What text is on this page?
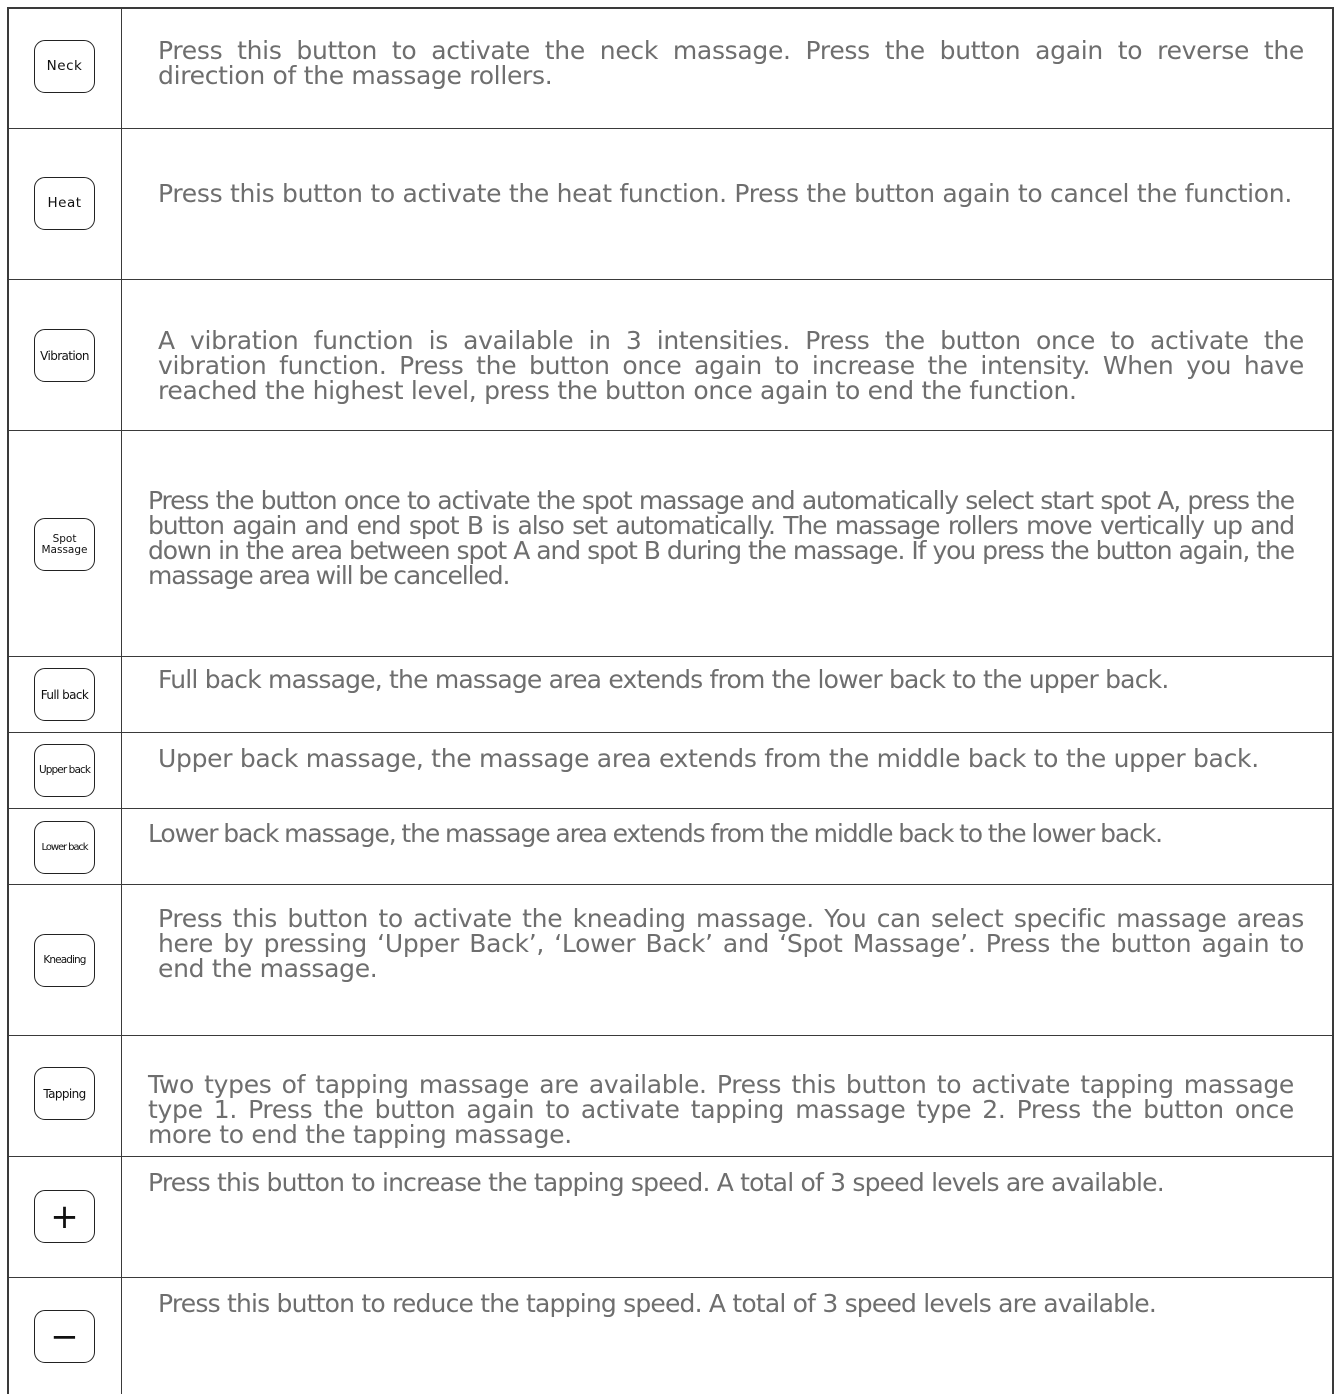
Neck

Press this button to activate the neck massage. Press the button again to reverse the direction of the massage rollers.

Heat	Press this button to activate the heat function. Press the button again to cancel the function.

Vibration

A vibration function is available in 3 intensities. Press the button once to activate the vibration function. Press the button once again to increase the intensity. When you have reached the highest level, press the button once again to end the function.

Spot
Massage

Press the button once to activate the spot massage and automatically select start spot A, press the button again and end spot B is also set automatically. The massage rollers move vertically up and down in the area between spot A and spot B during the massage. If you press the button again, the massage area will be cancelled.

Full back

Full back massage, the massage area extends from the lower back to the upper back.

Upper back	Upper back massage, the massage area extends from the middle back to the upper back.

Lower back Lower back massage, the massage area extends from the middle back to the lower back.

Kneading

Press this button to activate the kneading massage. You can select specific massage areas here by pressing ‘Upper Back’, ‘Lower Back’ and ‘Spot Massage’. Press the button again to end the massage.

Tapping Two types of tapping massage are available. Press this button to activate tapping massage type 1. Press the button again to activate tapping massage type 2. Press the button once more to end the tapping massage.

+

Press this button to increase the tapping speed. A total of 3 speed levels are available.

−

Press this button to reduce the tapping speed. A total of 3 speed levels are available.
